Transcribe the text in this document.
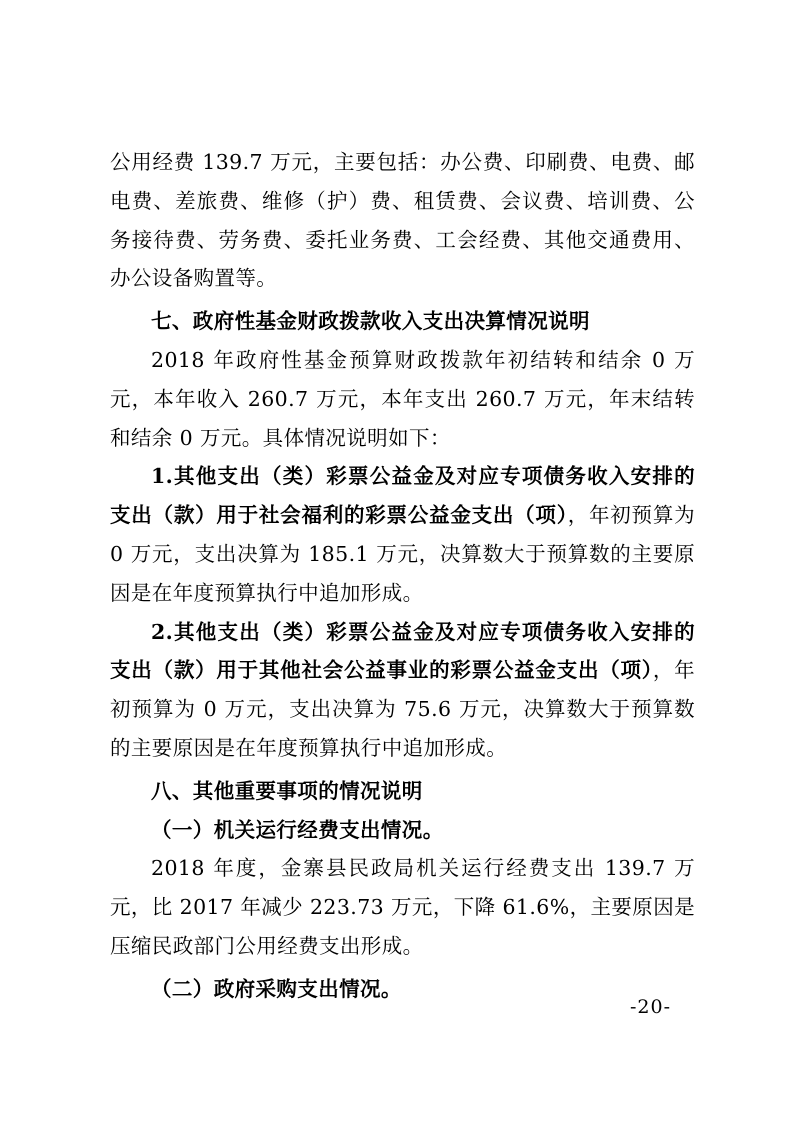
公用经费 139.7 万元，主要包括：办公费、印刷费、电费、邮电费、差旅费、维修（护）费、租赁费、会议费、培训费、公务接待费、劳务费、委托业务费、工会经费、其他交通费用、办公设备购置等。

七、政府性基金财政拨款收入支出决算情况说明

2018 年政府性基金预算财政拨款年初结转和结余 0 万元，本年收入 260.7 万元，本年支出 260.7 万元，年末结转和结余 0 万元。具体情况说明如下：

1.其他支出（类）彩票公益金及对应专项债务收入安排的支出（款）用于社会福利的彩票公益金支出（项），年初预算为 0 万元，支出决算为 185.1 万元，决算数大于预算数的主要原因是在年度预算执行中追加形成。

2.其他支出（类）彩票公益金及对应专项债务收入安排的支出（款）用于其他社会公益事业的彩票公益金支出（项），年初预算为 0 万元，支出决算为 75.6 万元，决算数大于预算数的主要原因是在年度预算执行中追加形成。

八、其他重要事项的情况说明

（一）机关运行经费支出情况。

2018 年度，金寨县民政局机关运行经费支出 139.7 万元，比 2017 年减少 223.73 万元，下降 61.6%，主要原因是压缩民政部门公用经费支出形成。

（二）政府采购支出情况。

-20-
